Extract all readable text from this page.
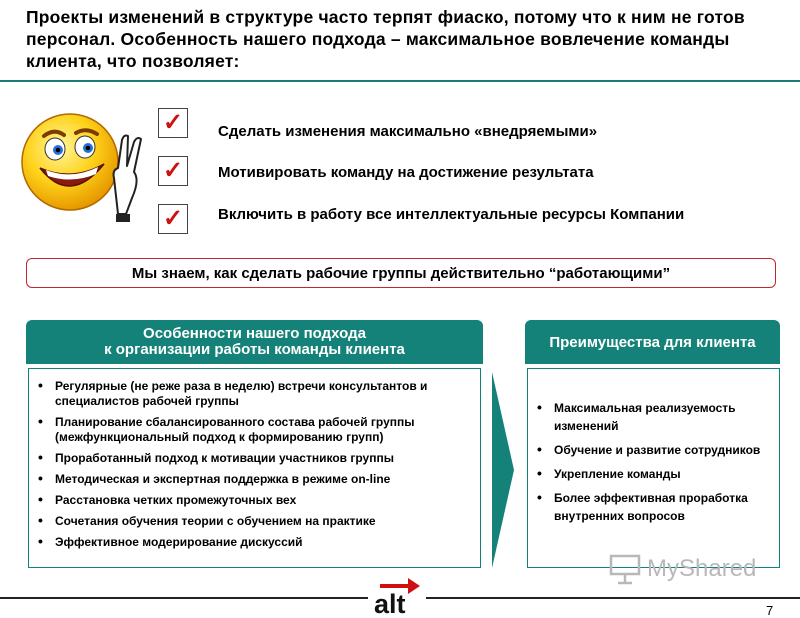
Проекты изменений в структуре часто терпят фиаско, потому что к ним не готов персонал. Особенность нашего подхода – максимальное вовлечение команды клиента, что позволяет:
✓
✓
✓
Сделать изменения максимально «внедряемыми»
Мотивировать команду на достижение результата
Включить в работу все интеллектуальные ресурсы Компании
Мы знаем, как сделать рабочие группы действительно “работающими”
Особенности нашего подхода
к организации работы команды клиента
• Регулярные (не реже раза в неделю) встречи консультантов и специалистов рабочей группы
• Планирование сбалансированного состава рабочей группы (межфункциональный подход к формированию групп)
• Проработанный подход к мотивации участников группы
• Методическая и экспертная поддержка в режиме on-line
• Расстановка четких промежуточных вех
• Сочетания обучения теории с обучением на практике
• Эффективное модерирование дискуссий
Преимущества для клиента
• Максимальная реализуемость изменений
• Обучение и развитие сотрудников
• Укрепление команды
• Более эффективная проработка внутренних вопросов
MyShared
alt	7
